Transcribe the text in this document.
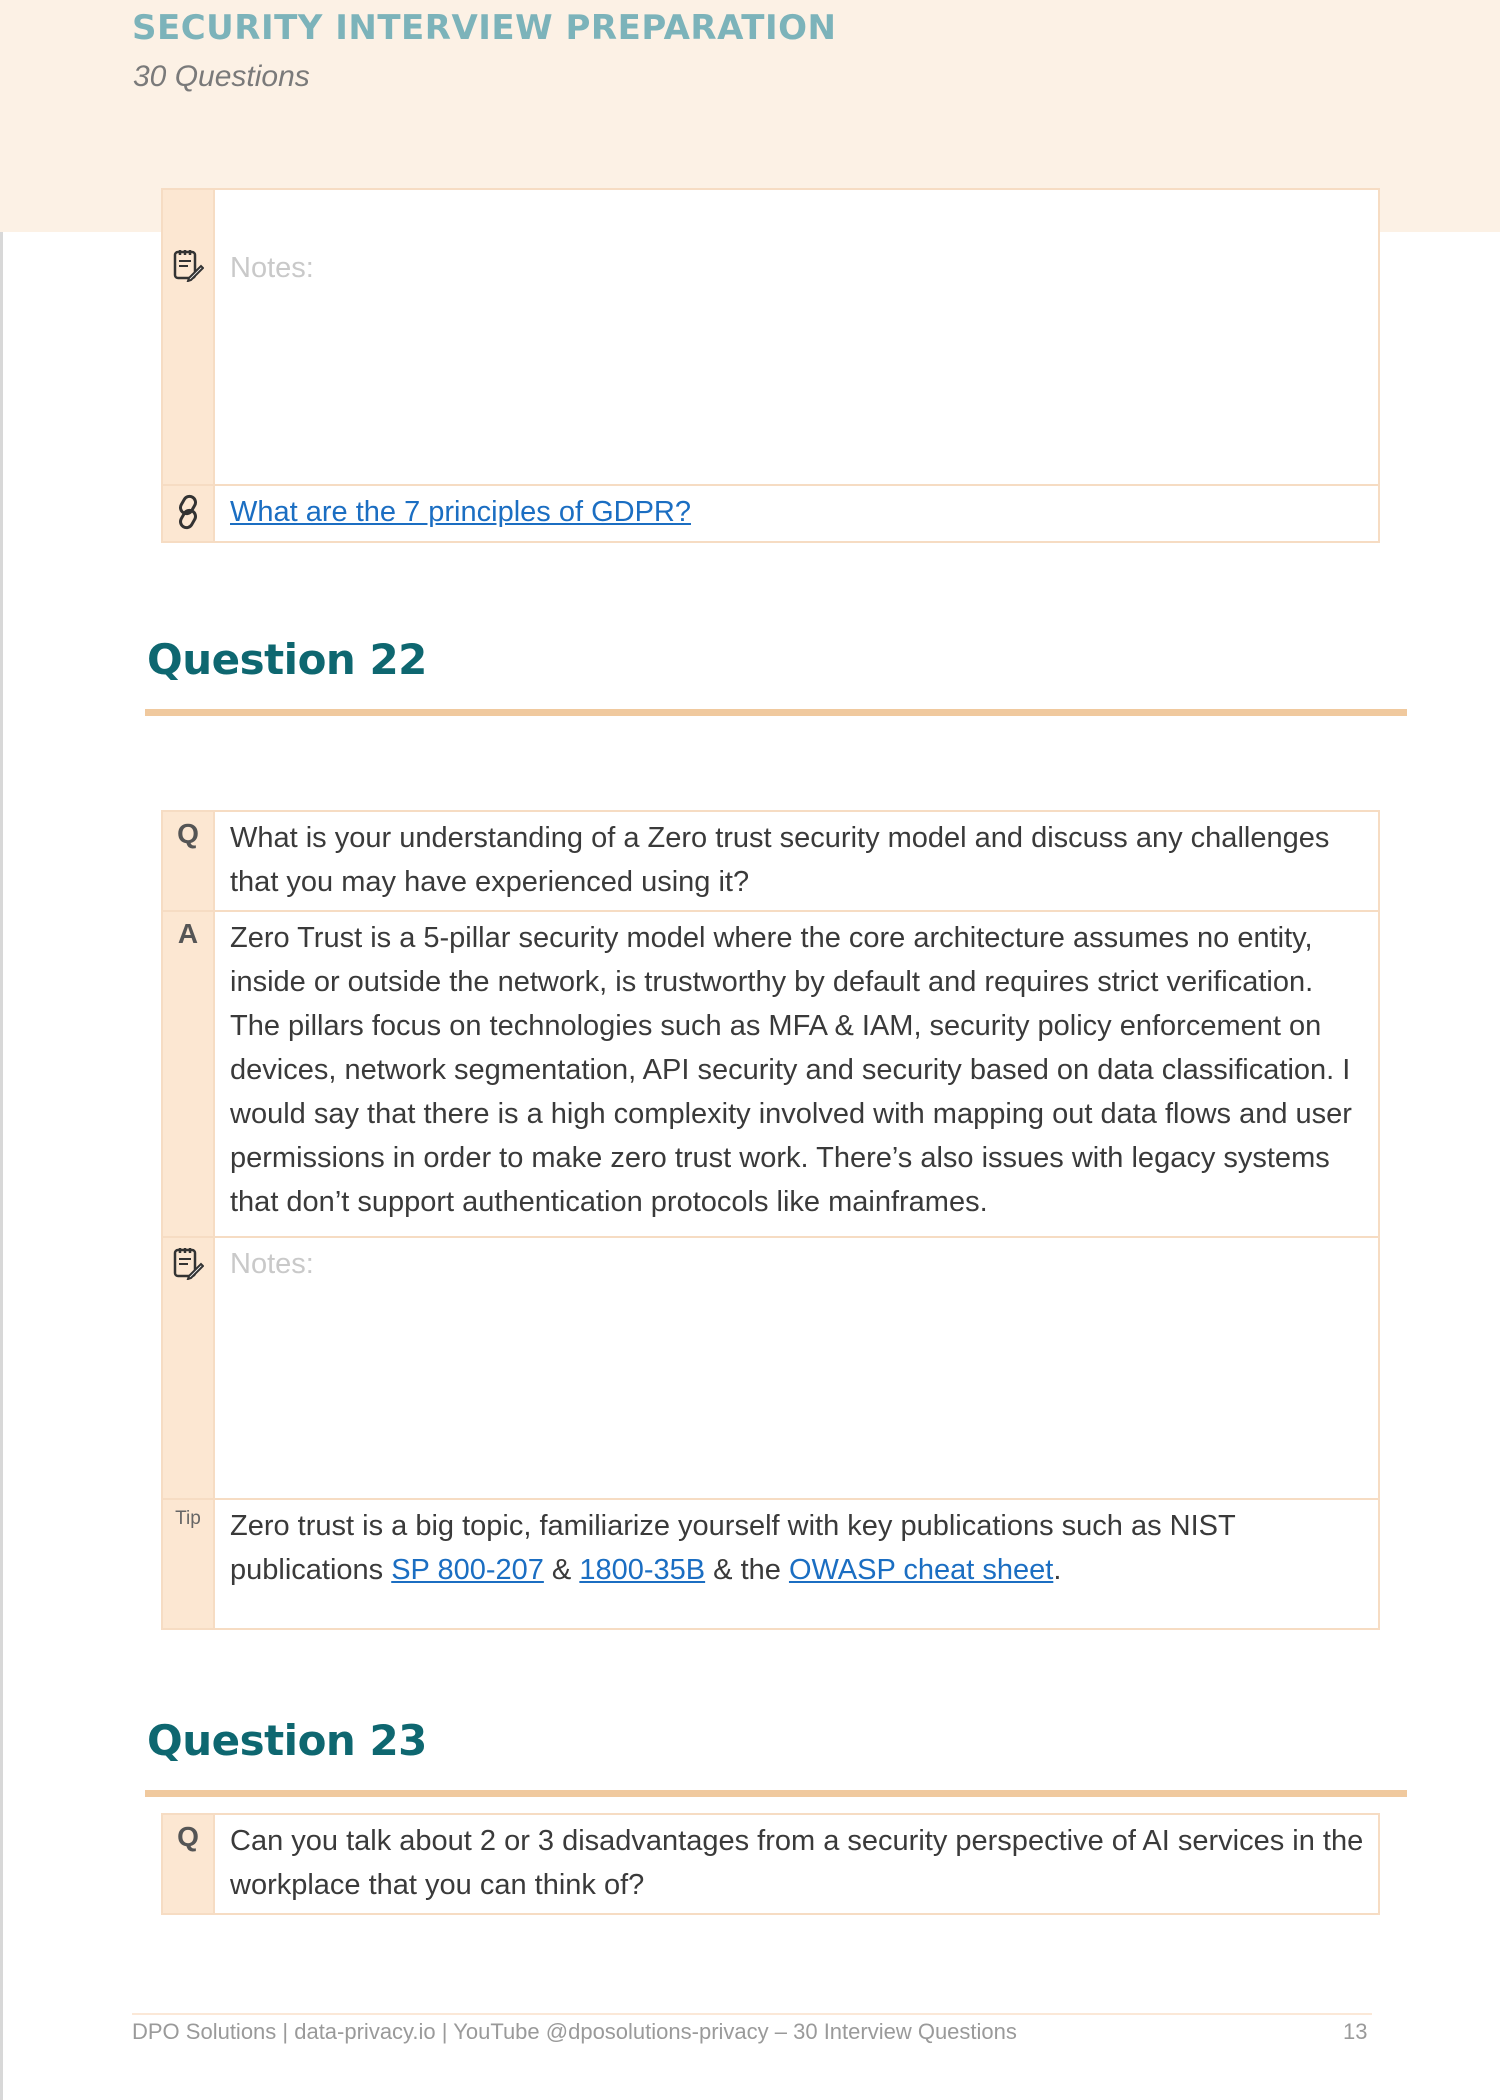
SECURITY INTERVIEW PREPARATION
30 Questions
Notes:
What are the 7 principles of GDPR?
Question 22
Q	What is your understanding of a Zero trust security model and discuss any challenges that you may have experienced using it?
A	Zero Trust is a 5-pillar security model where the core architecture assumes no entity, inside or outside the network, is trustworthy by default and requires strict verification. The pillars focus on technologies such as MFA & IAM, security policy enforcement on devices, network segmentation, API security and security based on data classification. I would say that there is a high complexity involved with mapping out data flows and user permissions in order to make zero trust work. There’s also issues with legacy systems that don’t support authentication protocols like mainframes.
Notes:
Tip	Zero trust is a big topic, familiarize yourself with key publications such as NIST publications SP 800-207 & 1800-35B & the OWASP cheat sheet.
Question 23
Q	Can you talk about 2 or 3 disadvantages from a security perspective of AI services in the workplace that you can think of?
DPO Solutions | data-privacy.io | YouTube @dposolutions-privacy – 30 Interview Questions	13
